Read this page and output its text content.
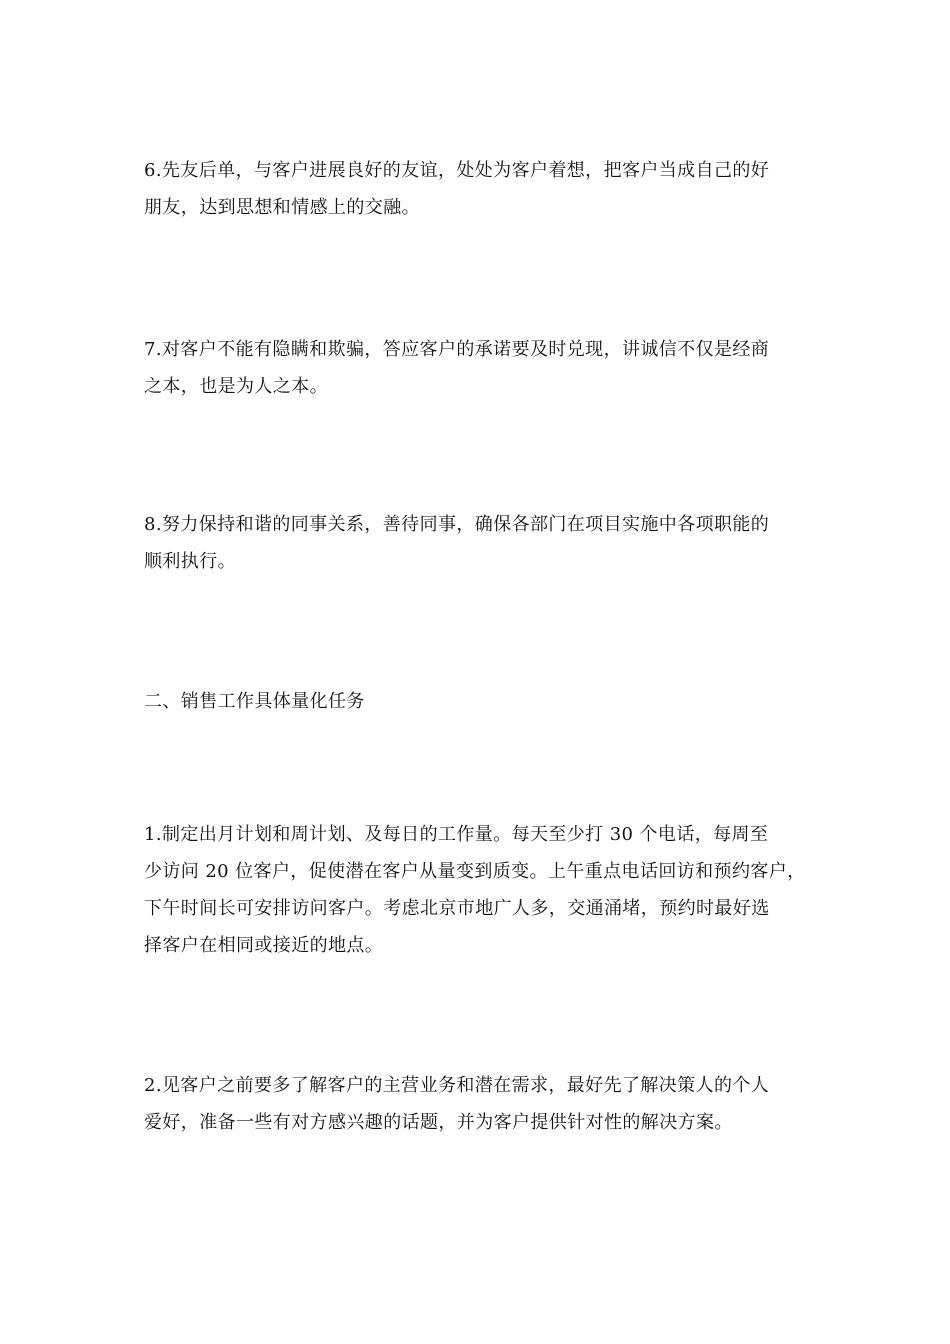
6.先友后单，与客户进展良好的友谊，处处为客户着想，把客户当成自己的好
朋友，达到思想和情感上的交融。

7.对客户不能有隐瞒和欺骗，答应客户的承诺要及时兑现，讲诚信不仅是经商
之本，也是为人之本。

8.努力保持和谐的同事关系，善待同事，确保各部门在项目实施中各项职能的
顺利执行。

二、销售工作具体量化任务

1.制定出月计划和周计划、及每日的工作量。每天至少打 30 个电话，每周至
少访问 20 位客户，促使潜在客户从量变到质变。上午重点电话回访和预约客户，
下午时间长可安排访问客户。考虑北京市地广人多，交通涌堵，预约时最好选
择客户在相同或接近的地点。

2.见客户之前要多了解客户的主营业务和潜在需求，最好先了解决策人的个人
爱好，准备一些有对方感兴趣的话题，并为客户提供针对性的解决方案。
